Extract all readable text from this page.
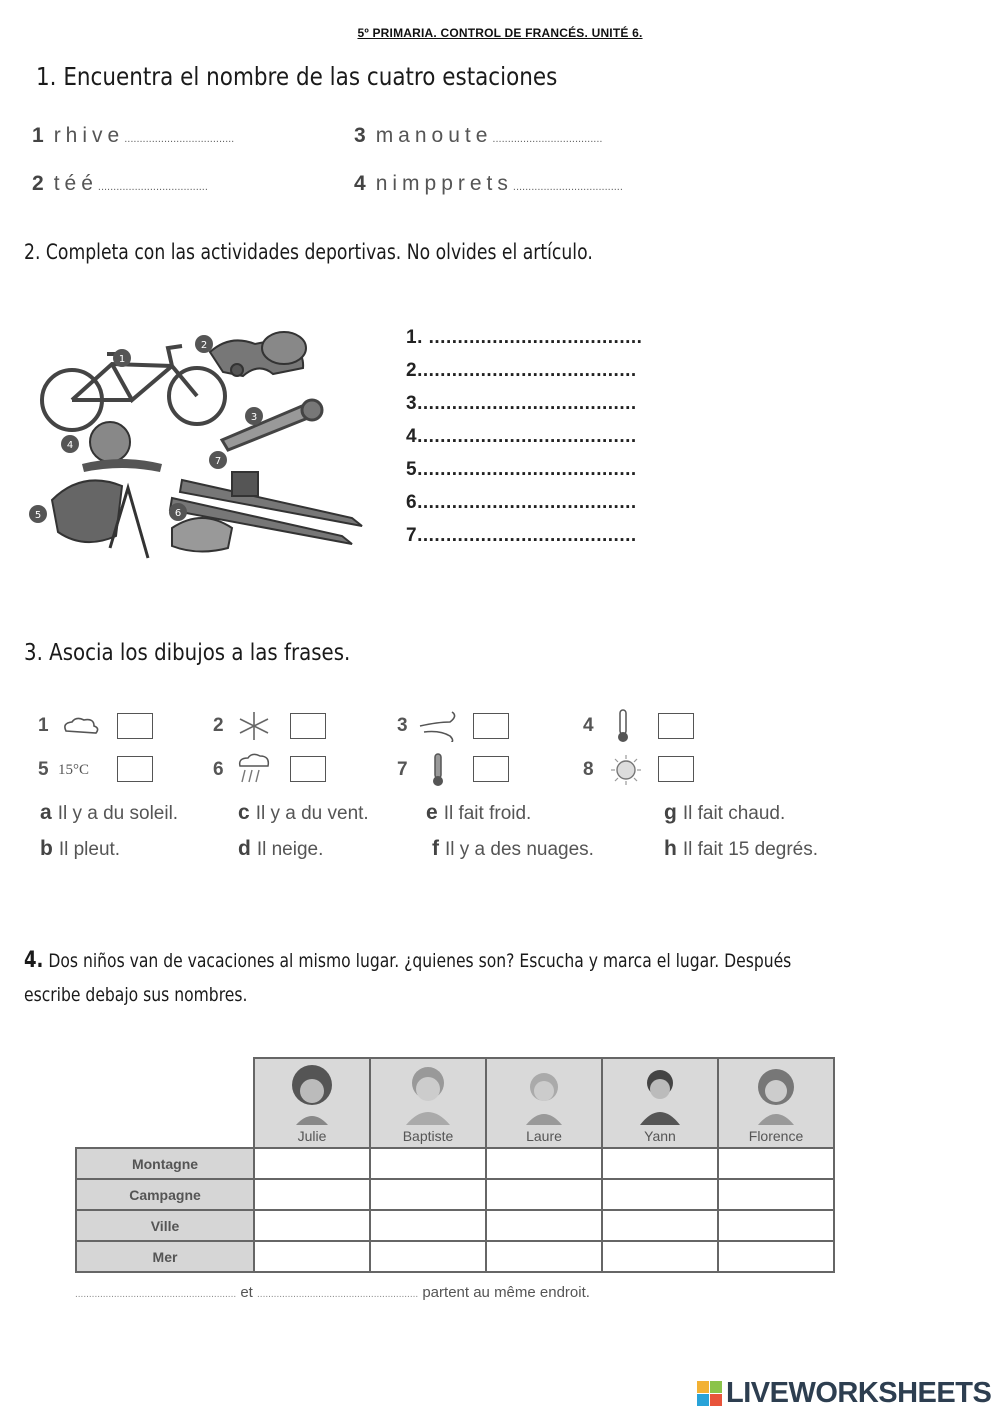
5º PRIMARIA. CONTROL DE FRANCÉS. UNITÉ 6.
1. Encuentra el nombre de las cuatro estaciones
1 rhive....................................	3 manoute....................................
2 téé....................................	4 nimpprets....................................
2. Completa con las actividades deportivas. No olvides el artículo.
1
2
3
4
5	6
7
1. .....................................
2......................................
3......................................
4......................................
5......................................
6......................................
7......................................
3. Asocia los dibujos a las frases.
1	2	3	4
5 15°C	6	7	8
a Il y a du soleil.	c Il y a du vent.	e Il fait froid.	g Il fait chaud.
b Il pleut.	d Il neige.	f Il y a des nuages.	h Il fait 15 degrés.
4. Dos niños van de vacaciones al mismo lugar. ¿quienes son? Escucha y marca el lugar. Después
escribe debajo sus nombres.

Julie	Baptiste	Laure	Yann	Florence
Montagne					
Campagne					
Ville					
Mer					
.......................................................... et .......................................................... partent au même endroit.
LIVEWORKSHEETS
